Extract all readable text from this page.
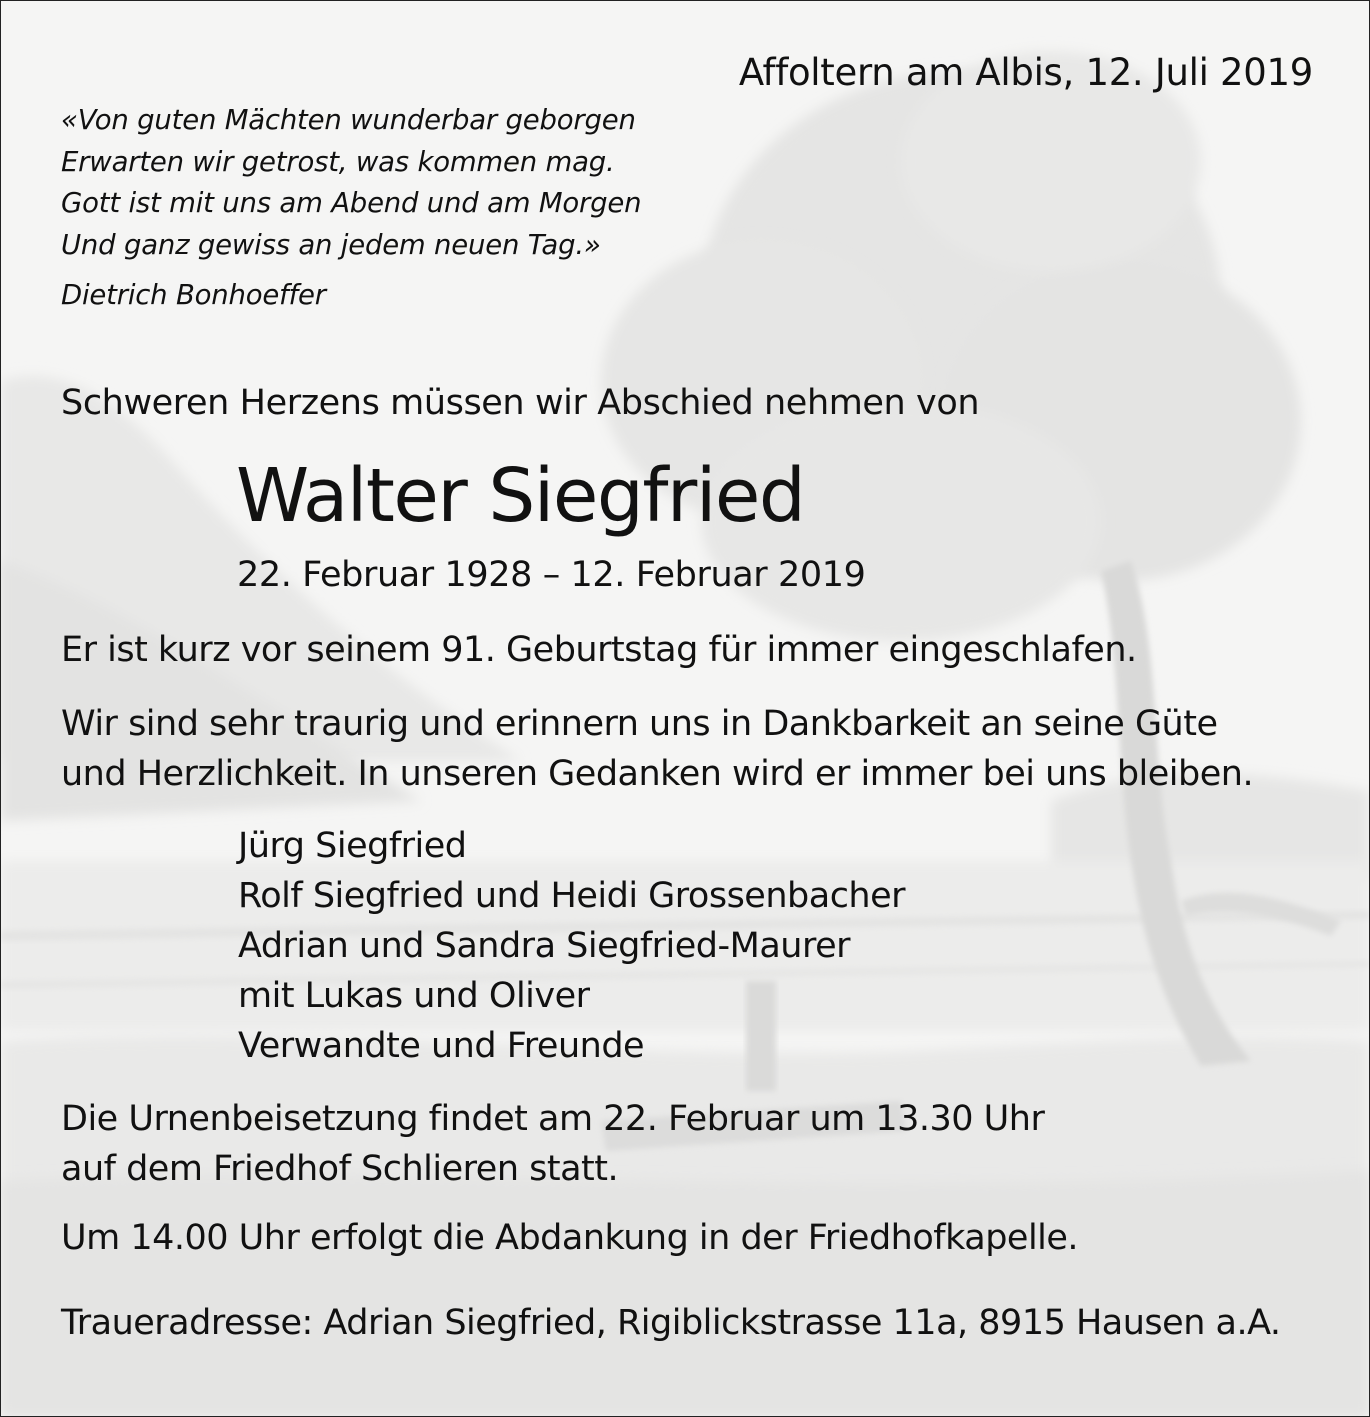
Affoltern am Albis, 12. Juli 2019
«Von guten Mächten wunderbar geborgen
Erwarten wir getrost, was kommen mag.
Gott ist mit uns am Abend und am Morgen
Und ganz gewiss an jedem neuen Tag.»
Dietrich Bonhoeffer
Schweren Herzens müssen wir Abschied nehmen von
Walter Siegfried
22. Februar 1928 – 12. Februar 2019
Er ist kurz vor seinem 91. Geburtstag für immer eingeschlafen.
Wir sind sehr traurig und erinnern uns in Dankbarkeit an seine Güte
und Herzlichkeit. In unseren Gedanken wird er immer bei uns bleiben.
Jürg Siegfried
Rolf Siegfried und Heidi Grossenbacher
Adrian und Sandra Siegfried-Maurer
mit Lukas und Oliver
Verwandte und Freunde
Die Urnenbeisetzung findet am 22. Februar um 13.30 Uhr
auf dem Friedhof Schlieren statt.
Um 14.00 Uhr erfolgt die Abdankung in der Friedhofkapelle.
Traueradresse: Adrian Siegfried, Rigiblickstrasse 11a, 8915 Hausen a.A.
